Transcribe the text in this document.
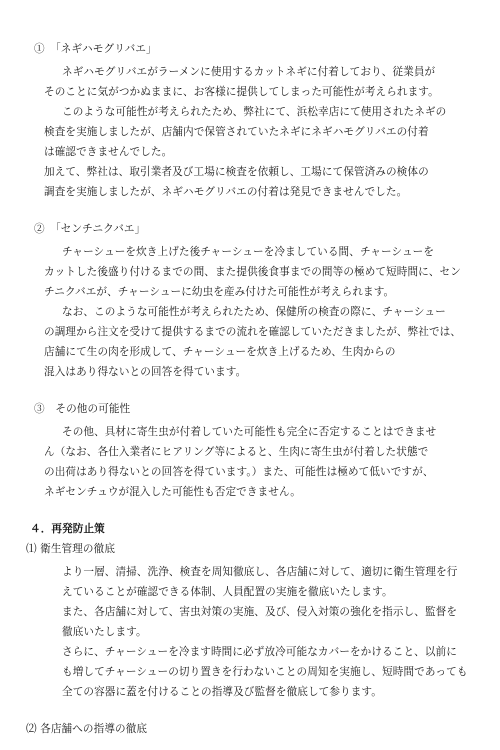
①　「ネギハモグリバエ」
ネギハモグリバエがラーメンに使用するカットネギに付着しており、従業員が
そのことに気がつかぬままに、お客様に提供してしまった可能性が考えられます。
このような可能性が考えられたため、弊社にて、浜松幸店にて使用されたネギの
検査を実施しましたが、店舗内で保管されていたネギにネギハモグリバエの付着
は確認できませんでした。
加えて、弊社は、取引業者及び工場に検査を依頼し、工場にて保管済みの検体の
調査を実施しましたが、ネギハモグリバエの付着は発見できませんでした。
②　「センチニクバエ」
チャーシューを炊き上げた後チャーシューを冷ましている間、チャーシューを
カットした後盛り付けるまでの間、また提供後食事までの間等の極めて短時間に、セン
チニクバエが、チャーシューに幼虫を産み付けた可能性が考えられます。
なお、このような可能性が考えられたため、保健所の検査の際に、チャーシュー
の調理から注文を受けて提供するまでの流れを確認していただきましたが、弊社では、
店舗にて生の肉を形成して、チャーシューを炊き上げるため、生肉からの
混入はあり得ないとの回答を得ています。
③　その他の可能性
その他、具材に寄生虫が付着していた可能性も完全に否定することはできませ
ん（なお、各仕入業者にヒアリング等によると、生肉に寄生虫が付着した状態で
の出荷はあり得ないとの回答を得ています。）また、可能性は極めて低いですが、
ネギセンチュウが混入した可能性も否定できません。
４．再発防止策
⑴ 衛生管理の徹底
より一層、清掃、洗浄、検査を周知徹底し、各店舗に対して、適切に衛生管理を行
えていることが確認できる体制、人員配置の実施を徹底いたします。
また、各店舗に対して、害虫対策の実施、及び、侵入対策の強化を指示し、監督を
徹底いたします。
さらに、チャーシューを冷ます時間に必ず放冷可能なカバーをかけること、以前に
も増してチャーシューの切り置きを行わないことの周知を実施し、短時間であっても
全ての容器に蓋を付けることの指導及び監督を徹底して参ります。
⑵ 各店舗への指導の徹底
